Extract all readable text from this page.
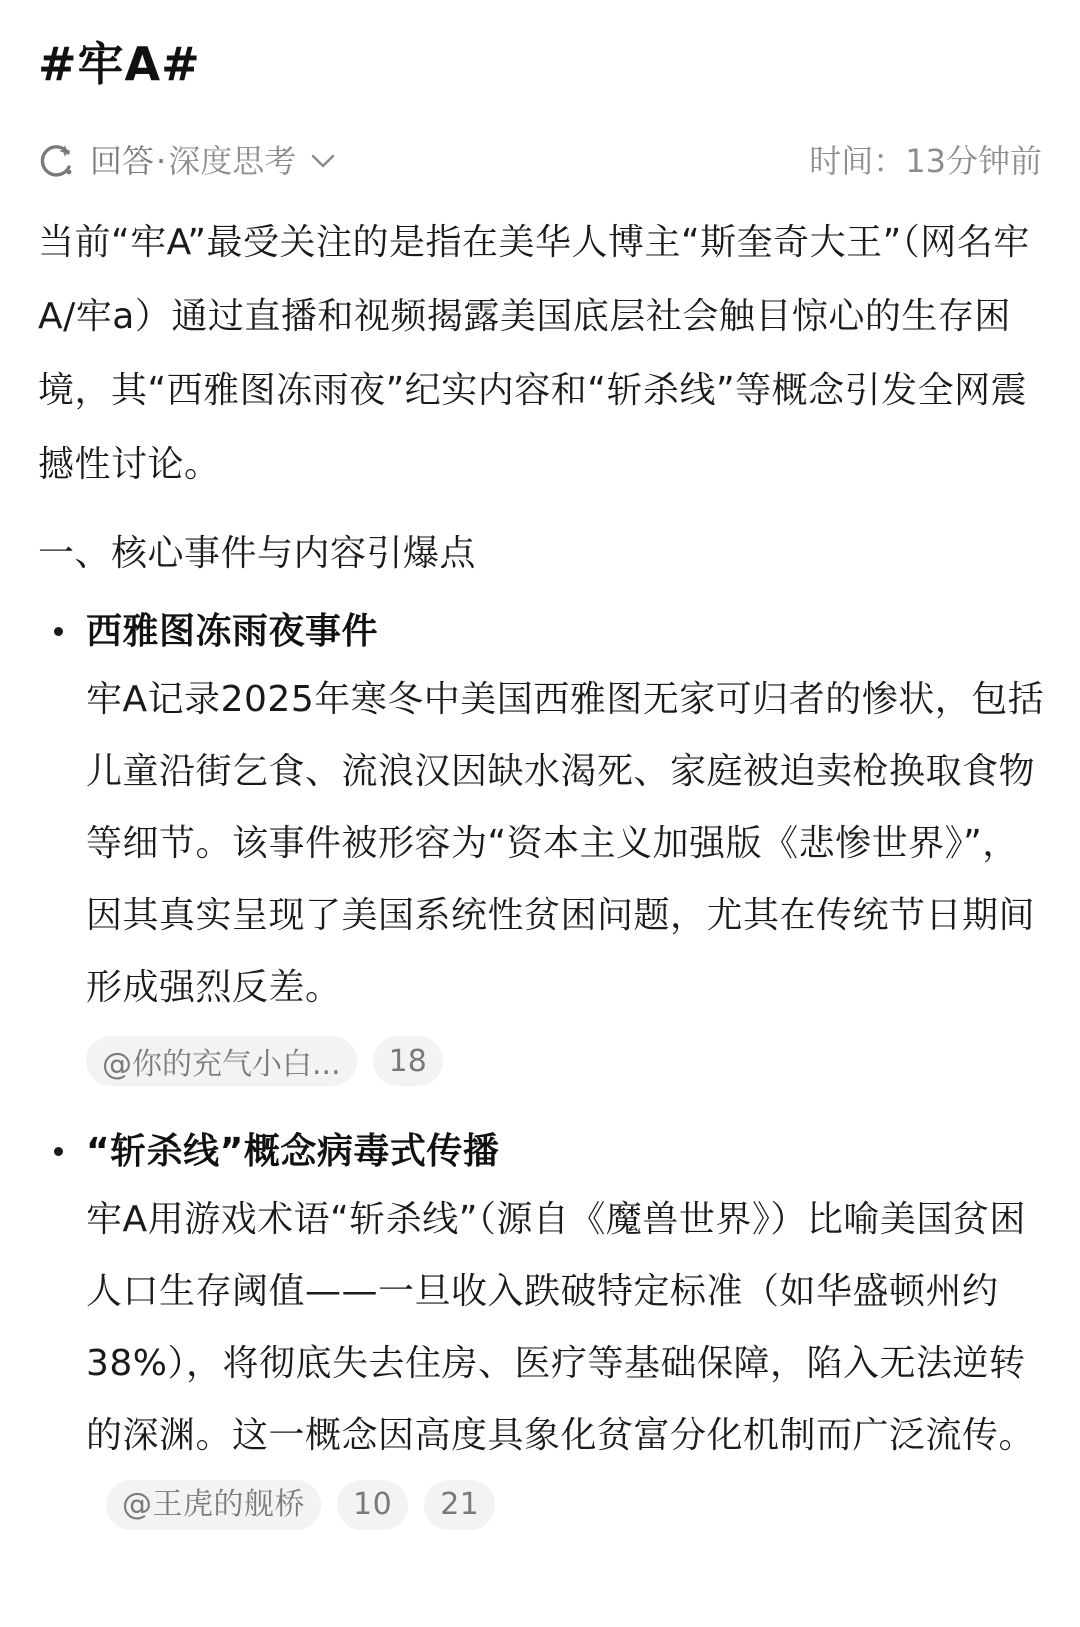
#牢A#
回答 · 深度思考	时间：13分钟前

当前“牢A”最受关注的是指在美华人博主“斯奎奇大王”（网名牢A/牢a）通过直播和视频揭露美国底层社会触目惊心的生存困境，其“西雅图冻雨夜”纪实内容和“斩杀线”等概念引发全网震撼性讨论。

一、核心事件与内容引爆点
西雅图冻雨夜事件
牢A记录2025年寒冬中美国西雅图无家可归者的惨状，包括儿童沿街乞食、流浪汉因缺水渴死、家庭被迫卖枪换取食物等细节。该事件被形容为“资本主义加强版《悲惨世界》”，因其真实呈现了美国系统性贫困问题，尤其在传统节日期间形成强烈反差。
@你的充气小白...	18
“斩杀线”概念病毒式传播
牢A用游戏术语“斩杀线”（源自《魔兽世界》）比喻美国贫困人口生存阈值——一旦收入跌破特定标准（如华盛顿州约38%），将彻底失去住房、医疗等基础保障，陷入无法逆转的深渊。这一概念因高度具象化贫富分化机制而广泛流传。@王虎的舰桥 10 21
